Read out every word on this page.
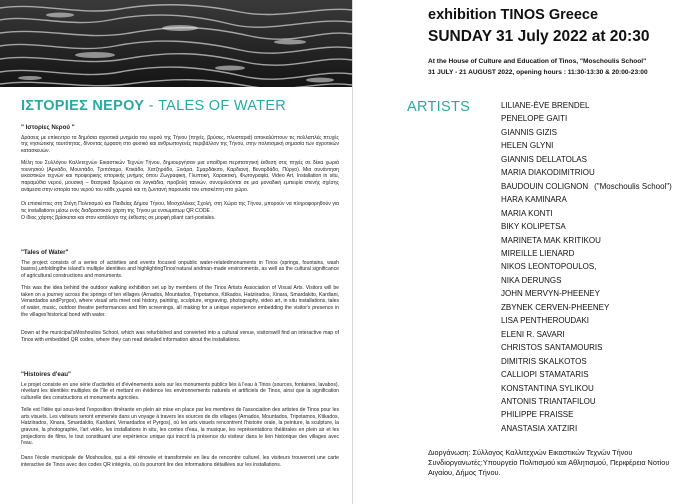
ΙΣΤΟΡΙΕΣ ΝΕΡΟΥ - TALES OF WATER
" Ιστορίες Νερού "

Δράσεις με επίκεντρο τα δημόσια αγροτικά μνημεία του νερού της Τήνου (πηγές, βρύσες, πλυσταριά) αποκαλύπτουν τις πολλαπλές πτυχές της νησιώτικης ταυτότητας, δίνοντας έμφαση στο φυσικό και ανθρωπογενές περιβάλλον της Τήνου, στην πολιτισμική σημασία των αγροτικών κατασκευών.

Μέλη του Συλλόγου Καλλιτεχνών Εικαστικών Τεχνών Τήνου, δημιουργήσαν μια υπαίθρια περιπατητική έκθεση στις πηγές σε δέκα χωριά τουνησιού (Αρνάδο, Μουντάδο, Τριπόταμο, Κτικάδο, Χατζηράδο, Ξινάρα, Σμαρδάκιτο, Καρδιανή, Βεναρδάδο, Πύργο). Μια συνάντηση εικαστικών τεχνών και προφορικής ιστορικής μνήμης όπου Ζωγραφική, Γλυπτική, Χαρακτική, Φωτογραφία, Video Art, Installation in situ, παραμύθια νερού, μουσική – θεατρικά δρώμενα σε λογκάδια, προβολή ταινιών, συνομιλούνται σε μια μοναδική εμπειρία στενής σχέσης ανάμεσα στην ιστορία του νερού του κάθε χωριού και τη ζωντανή παρουσία του επισκέπτη στο χώρο.

Οι επισκέπτες στη Στέγη Πολιτισμού και Παιδείας Δήμου Τήνου, Μοσχολέικες Σχολή, στη Χώρα της Τήνου, μπορούν να πληροφορηθούν για τις installations μέσω ενός διαδραστικού χάρτη της Τήνου με ενσωματωμ QR CODE .

Ο ίδιος χάρτης βρίσκεται και στον κατάλογο της έκθεσης σε μορφή pliant cart-postales.

"Tales of Water"

The project consists of a series of activities and events focused onpublic water-relatedmonuments in Tinos (springs, fountains, wash basins),unfoldingthe island's multiple identities and highlightingTinos'natural andman-made environments, as well as the cultural significance of agricultural constructions and monuments.

This was the idea behind the outdoor walking exhibition set up by members of the Tinos Artists Association of Visual Arts. Visitors will be taken on a journey across the springs of ten villages (Arnados, Mountados, Tripotamos, Ktikados, Hatziirados, Xinara, Smardakito, Kardiani, Venardados andPyrgos), where visual arts meet oral history, painting, sculpture, engraving, photography, video art, in situ installations, tales of water, music, outdoor theatre performances and film screenings, all making for a unique experience embedding the visitor's presence in the villages'historical bond with water.

Down at the municipal'sMoshoulios School, which was refurbished and converted into a cultural venue, visitorswill find an interactive map of Tinos with embedded QR codes, where they can read detailed information about the installations.

"Histoires d'eau"

Le projet consiste en une série d'activités et d'événements axés sur les monuments publics liés à l'eau à Tinos (sources, fontaines, lavabos), révélant les identités multiples de l'île et mettant en évidence les environnements naturels et artificiels de Tinos, ainsi que la signification culturelle des constructions et monuments agricoles.

Telle est l'idée qui sous-tend l'exposition itinérante en plein air mise en place par les membres de l'association des artistes de Tinos pour les arts visuels. Les visiteurs seront emmenés dans un voyage à travers les sources de dix villages (Arnados, Mountados, Tripotamos, Ktikados, Hatziirados, Xinara, Smardakito, Kardiani, Venardados et Pyrgos), où les arts visuels rencontrent l'histoire orale, la peinture, la sculpture, la gravure, la photographie, l'art vidéo, les installations in situ, les contes d'eau, la musique, les représentations théâtrales en plein air et les projections de films, le tout constituant une expérience unique qui inscrit la présence du visiteur dans le lien historique des villages avec l'eau.

Dans l'école municipale de Moshoulios, qui a été rénovée et transformée en lieu de rencontre culturel, les visiteurs trouveront une carte interactive de Tinos avec des codes QR intégrés, où ils pourront lire des informations détaillées sur les installations.

exhibition TINOS Greece
SUNDAY 31 July 2022 at 20:30
At the House of Culture and Education of Tinos, "Moschoulis School"
31 JULY - 21 AUGUST 2022, opening hours : 11:30-13:30 & 20:00-23:00
ARTISTS	LILIANE-ÈVE BRENDEL
PENELOPE GAITI
GIANNIS GIZIS
HELEN GLYNI
GIANNIS DELLATOLAS
MARIA DIAKODIMITRIOU
BAUDOUIN COLIGNON ("Moschoulis School")
HARA KAMINARA
MARIA KONTI
BIKY KOLIPETSA
MARINETA MAK KRITIKOU
MIREILLE LIENARD
NIKOS LEONTOPOULOS,
NIKA DERUNGS
JOHN MERVYN-PHEENEY
ZBYNEK CERVEN-PHEENEY
LISA PENTHEROUDAKI
ELENI R. SAVARI
CHRISTOS SANTAMOURIS
DIMITRIS SKALKOTOS
CALLIOPI STAMATARIS
KONSTANTINA SYLIKOU
ANTONIS TRIANTAFILOU
PHILIPPE FRAISSE
ANASTASIA XATZIRI
Διοργάνωση: Σύλλογος Καλλιτεχνών Εικαστικών Τεχνών Τήνου
Συνδιοργανωτές:Υπουργείο Πολιτισμού και Αθλητισμού, Περιφέρεια Νοτίου Αιγαίου, Δήμος Τήνου.
